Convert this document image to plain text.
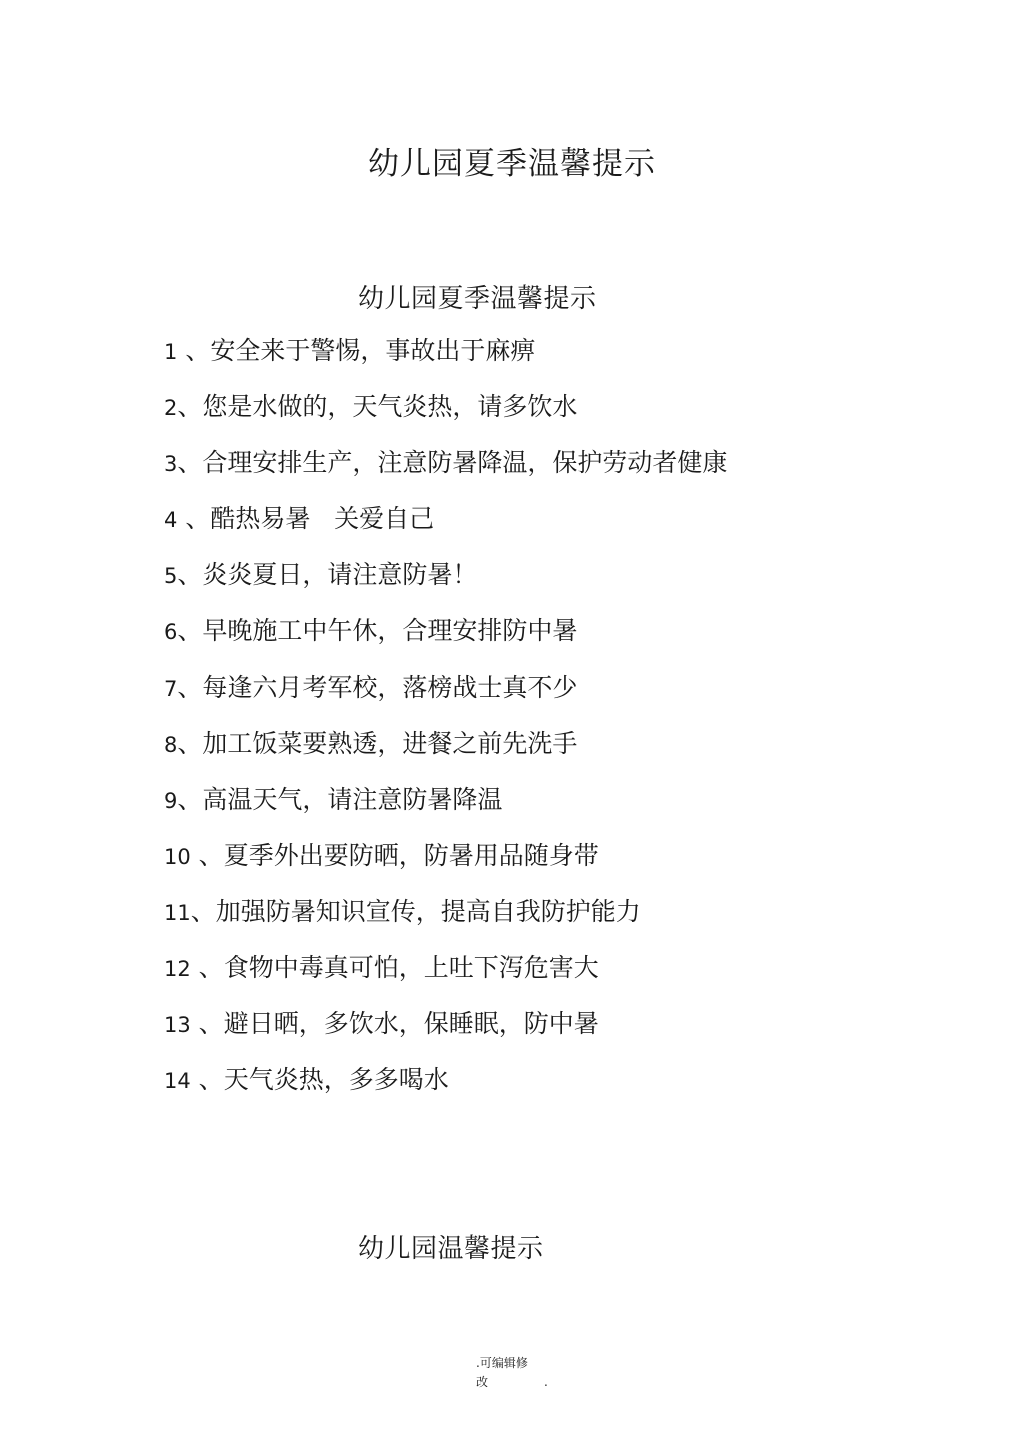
幼儿园夏季温馨提示
幼儿园夏季温馨提示
1 、安全来于警惕，事故出于麻痹
2、您是水做的，天气炎热，请多饮水
3、合理安排生产，注意防暑降温，保护劳动者健康
4 、酷热易暑   关爱自己
5、炎炎夏日，请注意防暑！
6、早晚施工中午休，合理安排防中暑
7、每逢六月考军校，落榜战士真不少
8、加工饭菜要熟透，进餐之前先洗手
9、高温天气，请注意防暑降温
10 、夏季外出要防晒，防暑用品随身带
11、加强防暑知识宣传，提高自我防护能力
12 、食物中毒真可怕，上吐下泻危害大
13 、避日晒，多饮水，保睡眠，防中暑
14 、天气炎热，多多喝水
幼儿园温馨提示
.可编辑修
改	.
